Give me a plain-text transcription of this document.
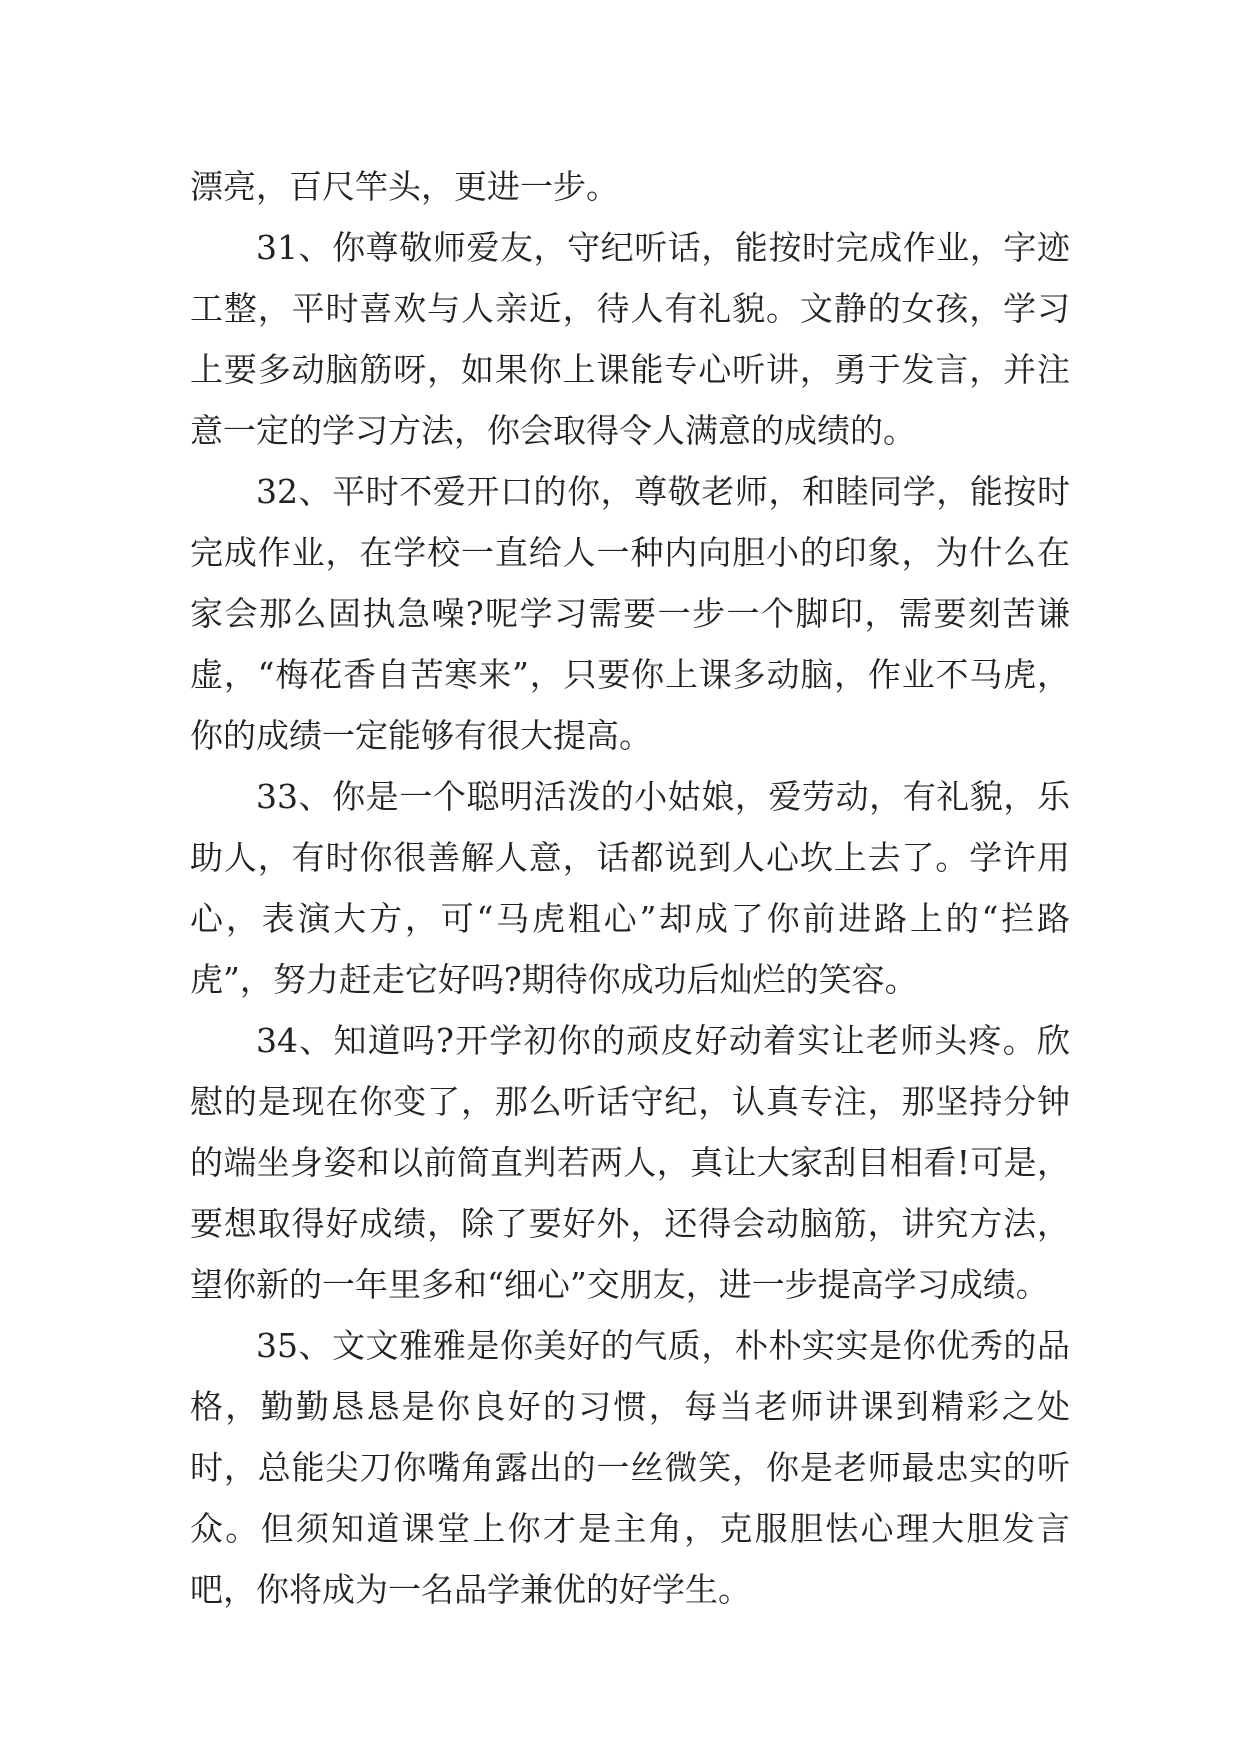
漂亮，百尺竿头，更进一步。

31、你尊敬师爱友，守纪听话，能按时完成作业，字迹工整，平时喜欢与人亲近，待人有礼貌。文静的女孩，学习上要多动脑筋呀，如果你上课能专心听讲，勇于发言，并注意一定的学习方法，你会取得令人满意的成绩的。

32、平时不爱开口的你，尊敬老师，和睦同学，能按时完成作业，在学校一直给人一种内向胆小的印象，为什么在家会那么固执急噪?呢学习需要一步一个脚印，需要刻苦谦虚，“梅花香自苦寒来”，只要你上课多动脑，作业不马虎，你的成绩一定能够有很大提高。

33、你是一个聪明活泼的小姑娘，爱劳动，有礼貌，乐助人，有时你很善解人意，话都说到人心坎上去了。学许用心，表演大方，可“马虎粗心”却成了你前进路上的“拦路虎”，努力赶走它好吗?期待你成功后灿烂的笑容。

34、知道吗?开学初你的顽皮好动着实让老师头疼。欣慰的是现在你变了，那么听话守纪，认真专注，那坚持分钟的端坐身姿和以前简直判若两人，真让大家刮目相看!可是，要想取得好成绩，除了要好外，还得会动脑筋，讲究方法，望你新的一年里多和“细心”交朋友，进一步提高学习成绩。

35、文文雅雅是你美好的气质，朴朴实实是你优秀的品格，勤勤恳恳是你良好的习惯，每当老师讲课到精彩之处时，总能尖刀你嘴角露出的一丝微笑，你是老师最忠实的听众。但须知道课堂上你才是主角，克服胆怯心理大胆发言吧，你将成为一名品学兼优的好学生。
